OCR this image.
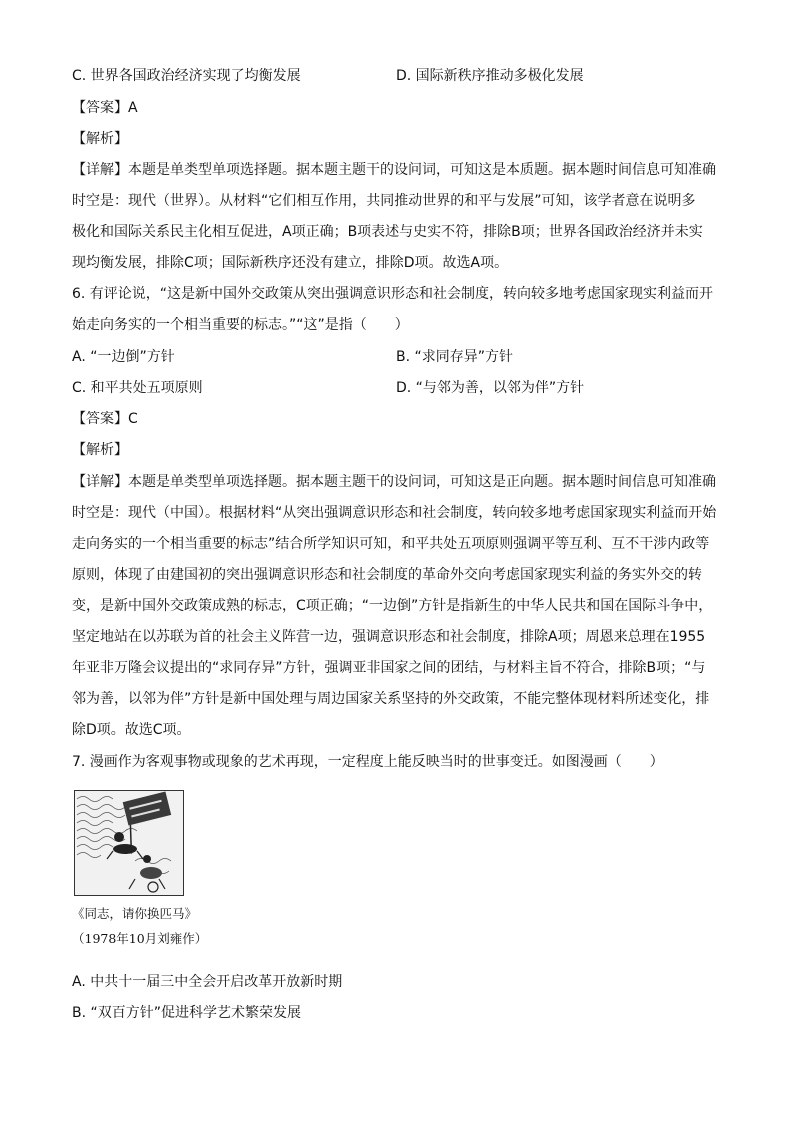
C. 世界各国政治经济实现了均衡发展	D. 国际新秩序推动多极化发展
【答案】A
【解析】
【详解】本题是单类型单项选择题。据本题主题干的设问词，可知这是本质题。据本题时间信息可知准确
时空是：现代（世界）。从材料“它们相互作用，共同推动世界的和平与发展”可知，该学者意在说明多
极化和国际关系民主化相互促进，A项正确；B项表述与史实不符，排除B项；世界各国政治经济并未实
现均衡发展，排除C项；国际新秩序还没有建立，排除D项。故选A项。
6. 有评论说，“这是新中国外交政策从突出强调意识形态和社会制度，转向较多地考虑国家现实利益而开
始走向务实的一个相当重要的标志。”“这”是指（　　）
A. “一边倒”方针	B. “求同存异”方针
C. 和平共处五项原则	D. “与邻为善，以邻为伴”方针
【答案】C
【解析】
【详解】本题是单类型单项选择题。据本题主题干的设问词，可知这是正向题。据本题时间信息可知准确
时空是：现代（中国）。根据材料“从突出强调意识形态和社会制度，转向较多地考虑国家现实利益而开始
走向务实的一个相当重要的标志”结合所学知识可知，和平共处五项原则强调平等互利、互不干涉内政等
原则，体现了由建国初的突出强调意识形态和社会制度的革命外交向考虑国家现实利益的务实外交的转
变，是新中国外交政策成熟的标志，C项正确；“一边倒”方针是指新生的中华人民共和国在国际斗争中，
坚定地站在以苏联为首的社会主义阵营一边，强调意识形态和社会制度，排除A项；周恩来总理在1955
年亚非万隆会议提出的“求同存异”方针，强调亚非国家之间的团结，与材料主旨不符合，排除B项；“与
邻为善，以邻为伴”方针是新中国处理与周边国家关系坚持的外交政策，不能完整体现材料所述变化，排
除D项。故选C项。
7. 漫画作为客观事物或现象的艺术再现，一定程度上能反映当时的世事变迁。如图漫画（　　）
《同志，请你换匹马》
（1978年10月刘雍作）
A. 中共十一届三中全会开启改革开放新时期
B. “双百方针”促进科学艺术繁荣发展
